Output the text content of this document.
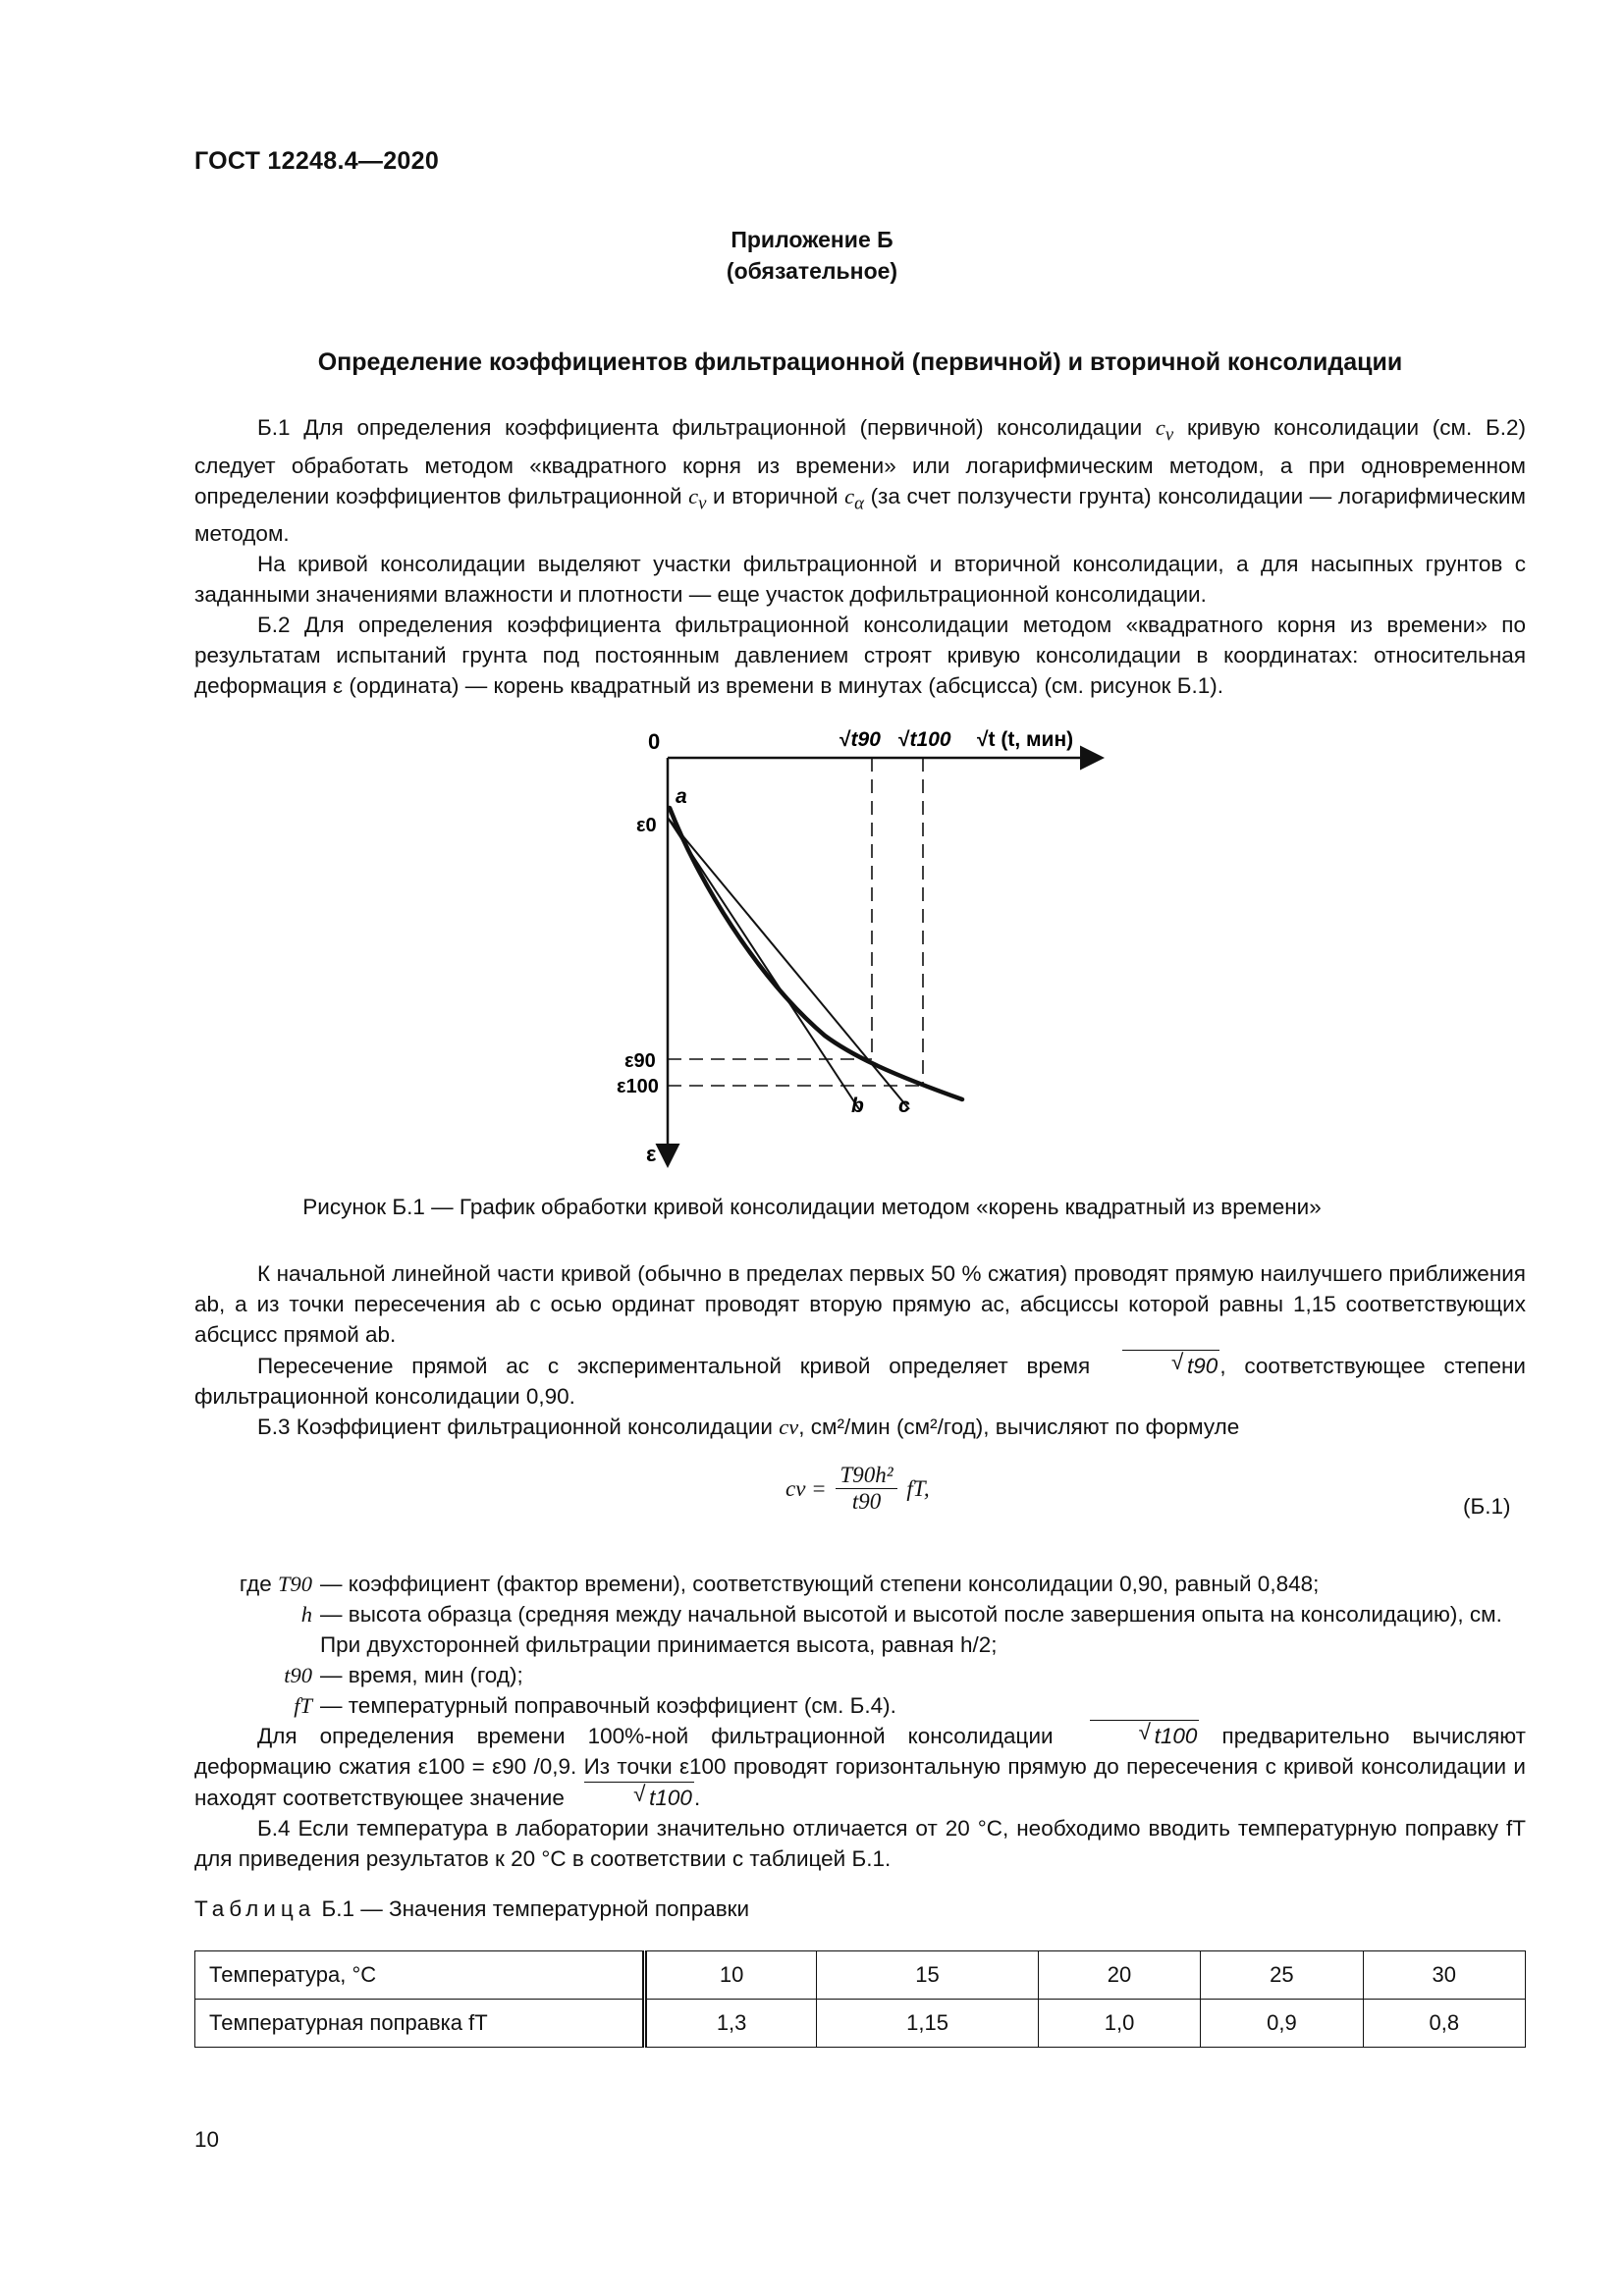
ГОСТ 12248.4—2020
Приложение Б
(обязательное)
Определение коэффициентов фильтрационной (первичной) и вторичной консолидации

Б.1 Для определения коэффициента фильтрационной (первичной) консолидации $c_v$ кривую консолидации (см. Б.2) следует обработать методом «квадратного корня из времени» или логарифмическим методом, а при одновременном определении коэффициентов фильтрационной $c_v$ и вторичной $c_\alpha$ (за счет ползучести грунта) консолидации — логарифмическим методом.

На кривой консолидации выделяют участки фильтрационной и вторичной консолидации, а для насыпных грунтов с заданными значениями влажности и плотности — еще участок дофильтрационной консолидации.

Б.2 Для определения коэффициента фильтрационной консолидации методом «квадратного корня из времени» по результатам испытаний грунта под постоянным давлением строят кривую консолидации в координатах: относительная деформация ε (ордината) — корень квадратный из времени в минутах (абсцисса) (см. рисунок Б.1).

0	√t90 √t100 √t (t, мин)
a
b c
ε0
ε90
ε100
ε
Рисунок Б.1 — График обработки кривой консолидации методом «корень квадратный из времени»

К начальной линейной части кривой (обычно в пределах первых 50 % сжатия) проводят прямую наилучшего приближения ab, а из точки пересечения ab с осью ординат проводят вторую прямую ac, абсциссы которой равны 1,15 соответствующих абсцисс прямой ab.

Пересечение прямой ac с экспериментальной кривой определяет время	√ t90, соответствующее степени фильтрационной консолидации 0,90.

Б.3 Коэффициент фильтрационной консолидации cv, см²/мин (см²/год), вычисляют по формуле

cv = $\frac{\text{T90h²}}{t90}$ fT,
(Б.1)
где T90 — коэффициент (фактор времени), соответствующий степени консолидации 0,90, равный 0,848;
h — высота образца (средняя между начальной высотой и высотой после завершения опыта на консолидацию), см. При двухсторонней фильтрации принимается высота, равная h/2;
t90 — время, мин (год);
fT — температурный поправочный коэффициент (см. Б.4).

Для определения времени 100%-ной фильтрационной консолидации	√ t100 предварительно вычисляют деформацию сжатия ε100 = ε90 /0,9. Из точки ε100 проводят горизонтальную прямую до пересечения с кривой консолидации и находят соответствующее значение	√ t100.

Б.4 Если температура в лаборатории значительно отличается от 20 °С, необходимо вводить температурную поправку fT для приведения результатов к 20 °С в соответствии с таблицей Б.1.

Таблица Б.1 — Значения температурной поправки
Температура, °С	10	15	20	25	30
Температурная поправка fT	1,3	1,15	1,0	0,9	0,8
10
